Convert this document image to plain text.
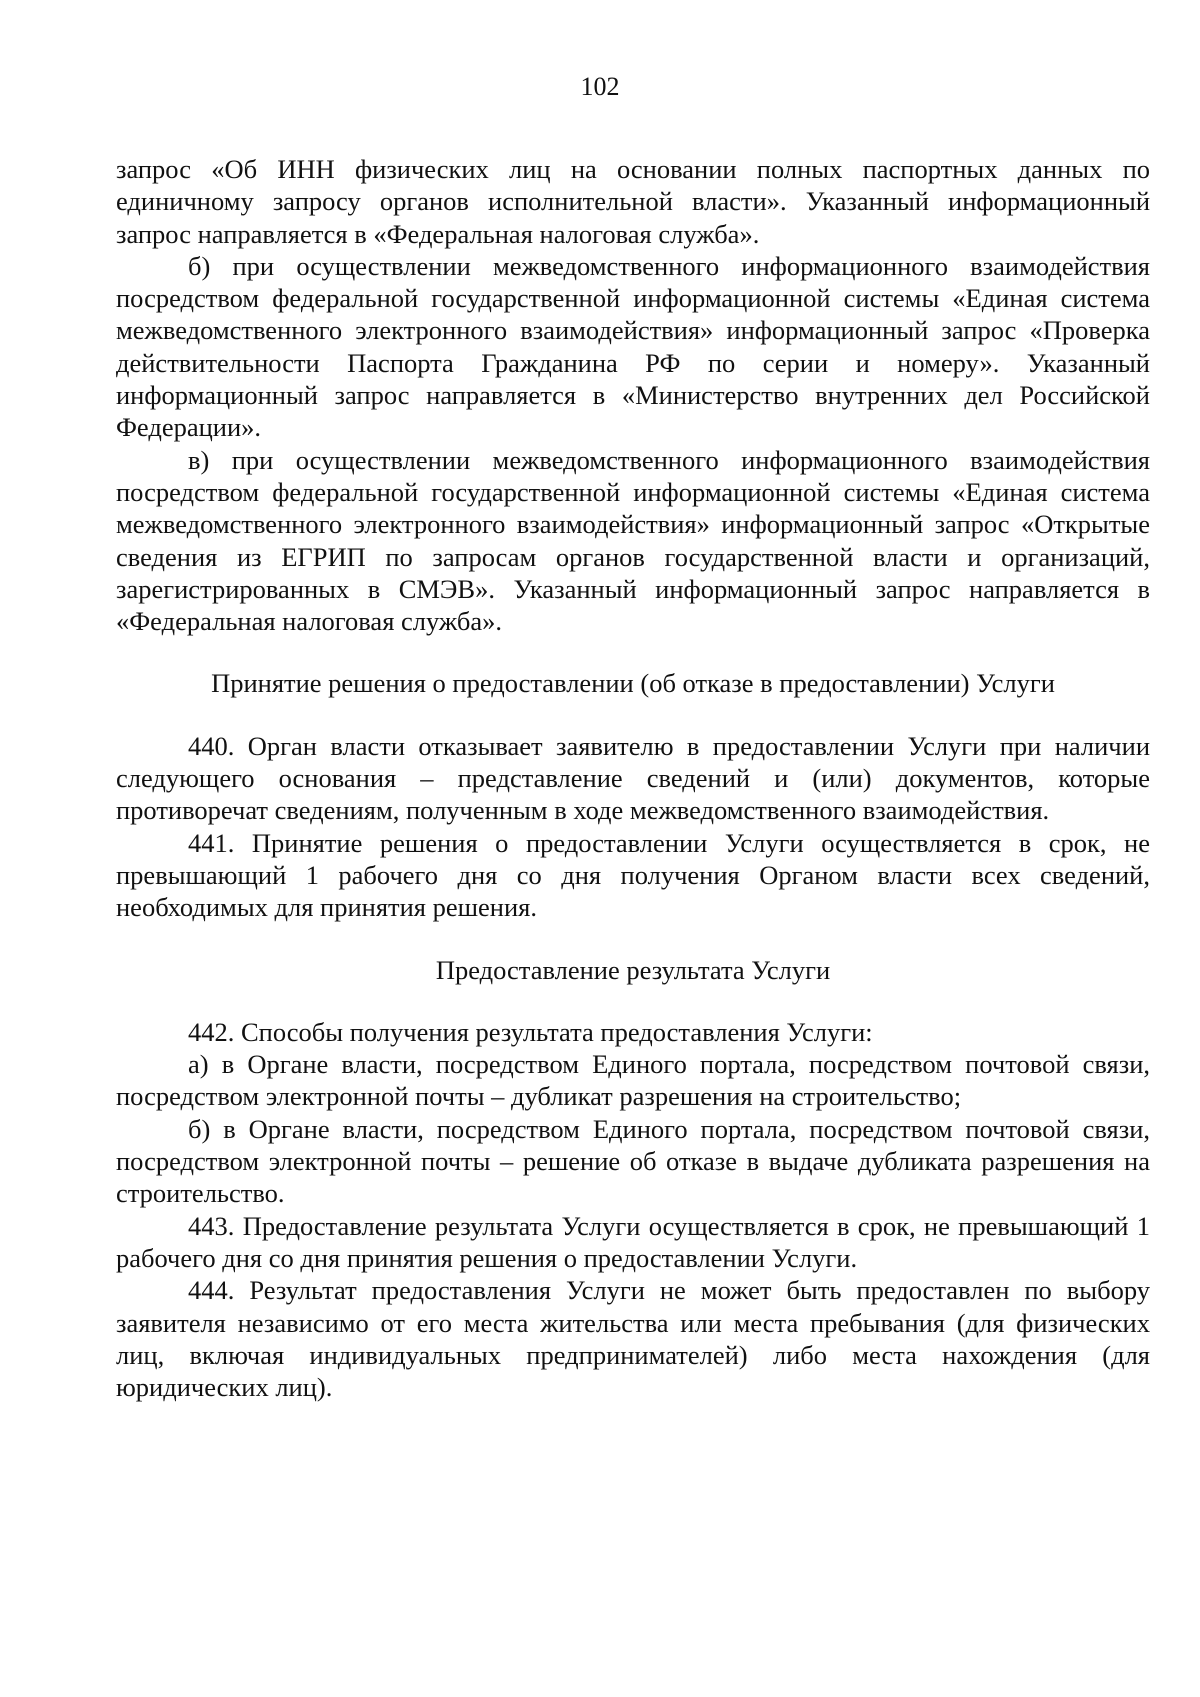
102

запрос «Об ИНН физических лиц на основании полных паспортных данных по единичному запросу органов исполнительной власти». Указанный информационный запрос направляется в «Федеральная налоговая служба».

б) при осуществлении межведомственного информационного взаимодействия посредством федеральной государственной информационной системы «Единая система межведомственного электронного взаимодействия» информационный запрос «Проверка действительности Паспорта Гражданина РФ по серии и номеру». Указанный информационный запрос направляется в «Министерство внутренних дел Российской Федерации».

в) при осуществлении межведомственного информационного взаимодействия посредством федеральной государственной информационной системы «Единая система межведомственного электронного взаимодействия» информационный запрос «Открытые сведения из ЕГРИП по запросам органов государственной власти и организаций, зарегистрированных в СМЭВ». Указанный информационный запрос направляется в «Федеральная налоговая служба».

Принятие решения о предоставлении (об отказе в предоставлении) Услуги

440. Орган власти отказывает заявителю в предоставлении Услуги при наличии следующего основания – представление сведений и (или) документов, которые противоречат сведениям, полученным в ходе межведомственного взаимодействия.

441. Принятие решения о предоставлении Услуги осуществляется в срок, не превышающий 1 рабочего дня со дня получения Органом власти всех сведений, необходимых для принятия решения.

Предоставление результата Услуги

442. Способы получения результата предоставления Услуги:

а) в Органе власти, посредством Единого портала, посредством почтовой связи, посредством электронной почты – дубликат разрешения на строительство;

б) в Органе власти, посредством Единого портала, посредством почтовой связи, посредством электронной почты – решение об отказе в выдаче дубликата разрешения на строительство.

443. Предоставление результата Услуги осуществляется в срок, не превышающий 1 рабочего дня со дня принятия решения о предоставлении Услуги.

444. Результат предоставления Услуги не может быть предоставлен по выбору заявителя независимо от его места жительства или места пребывания (для физических лиц, включая индивидуальных предпринимателей) либо места нахождения (для юридических лиц).
